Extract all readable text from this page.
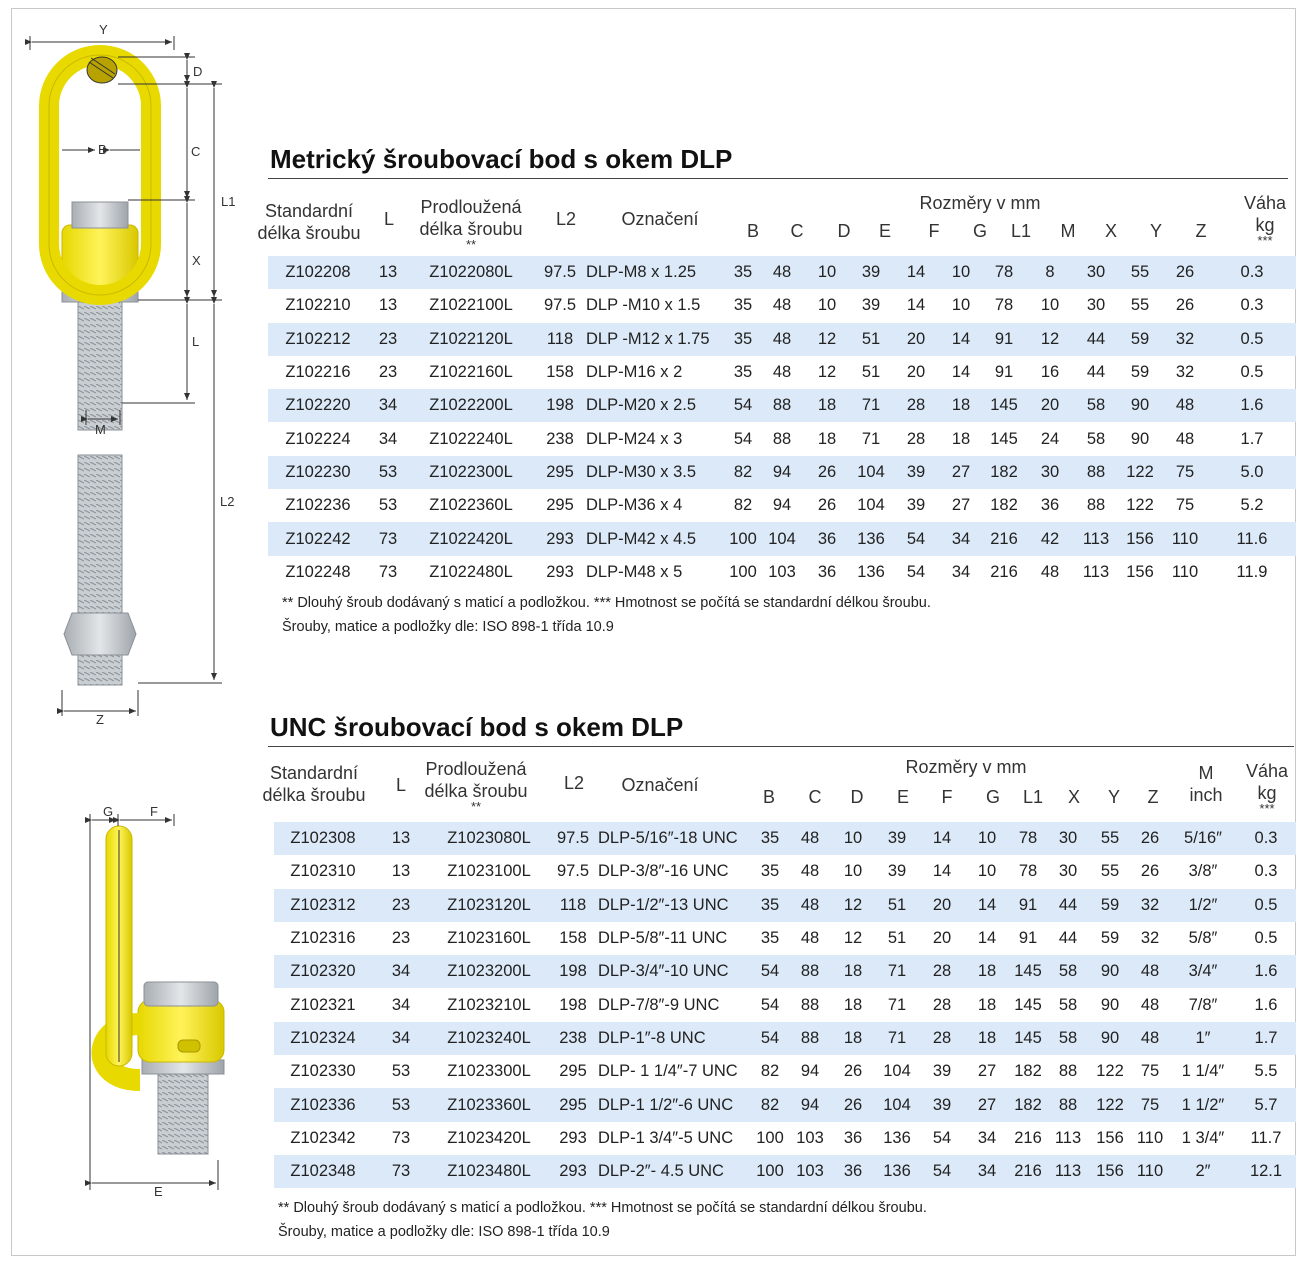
Y
D
B	C
L1
X
L
M
L2
Z
G	F
E
Metrický šroubovací bod s okem DLP
Standardní
délka šroubu
L
Prodloužená
délka šroubu
**
L2	Označení
Rozměry v mm
B	C	D	E	F	G	L1	M	X	Y	Z
Váha
kg
***
Z102208	13	Z1022080L	97.5	DLP-M8 x 1.25	35	48	10	39	14	10	78	8	30	55	26	0.3
Z102210	13	Z1022100L	97.5	DLP -M10 x 1.5	35	48	10	39	14	10	78	10	30	55	26	0.3
Z102212	23	Z1022120L	118	DLP -M12 x 1.75	35	48	12	51	20	14	91	12	44	59	32	0.5
Z102216	23	Z1022160L	158	DLP-M16 x 2	35	48	12	51	20	14	91	16	44	59	32	0.5
Z102220	34	Z1022200L	198	DLP-M20 x 2.5	54	88	18	71	28	18	145	20	58	90	48	1.6
Z102224	34	Z1022240L	238	DLP-M24 x 3	54	88	18	71	28	18	145	24	58	90	48	1.7
Z102230	53	Z1022300L	295	DLP-M30 x 3.5	82	94	26	104	39	27	182	30	88	122	75	5.0
Z102236	53	Z1022360L	295	DLP-M36 x 4	82	94	26	104	39	27	182	36	88	122	75	5.2
Z102242	73	Z1022420L	293	DLP-M42 x 4.5	100	104	36	136	54	34	216	42	113	156	110	11.6
Z102248	73	Z1022480L	293	DLP-M48 x 5	100	103	36	136	54	34	216	48	113	156	110	11.9
** Dlouhý šroub dodávaný s maticí a podložkou. *** Hmotnost se počítá se standardní délkou šroubu.
Šrouby, matice a podložky dle: ISO 898-1 třída 10.9
UNC šroubovací bod s okem DLP
Standardní
délka šroubu	L
Prodloužená
délka šroubu
**
L2	Označení
Rozměry v mm
B	C	D	E	F	G	L1	X	Y	Z
M
inch
Váha
kg
***
Z102308	13	Z1023080L	97.5	DLP-5/16″-18 UNC	35	48	10	39	14	10	78	30	55	26	5/16″	0.3
Z102310	13	Z1023100L	97.5	DLP-3/8″-16 UNC	35	48	10	39	14	10	78	30	55	26	3/8″	0.3
Z102312	23	Z1023120L	118	DLP-1/2″-13 UNC	35	48	12	51	20	14	91	44	59	32	1/2″	0.5
Z102316	23	Z1023160L	158	DLP-5/8″-11 UNC	35	48	12	51	20	14	91	44	59	32	5/8″	0.5
Z102320	34	Z1023200L	198	DLP-3/4″-10 UNC	54	88	18	71	28	18	145	58	90	48	3/4″	1.6
Z102321	34	Z1023210L	198	DLP-7/8″-9 UNC	54	88	18	71	28	18	145	58	90	48	7/8″	1.6
Z102324	34	Z1023240L	238	DLP-1″-8 UNC	54	88	18	71	28	18	145	58	90	48	1″	1.7
Z102330	53	Z1023300L	295	DLP- 1 1/4″-7 UNC	82	94	26	104	39	27	182	88	122	75	1 1/4″	5.5
Z102336	53	Z1023360L	295	DLP-1 1/2″-6 UNC	82	94	26	104	39	27	182	88	122	75	1 1/2″	5.7
Z102342	73	Z1023420L	293	DLP-1 3/4″-5 UNC	100	103	36	136	54	34	216	113	156	110	1 3/4″	11.7
Z102348	73	Z1023480L	293	DLP-2″- 4.5 UNC	100	103	36	136	54	34	216	113	156	110	2″	12.1
** Dlouhý šroub dodávaný s maticí a podložkou. *** Hmotnost se počítá se standardní délkou šroubu.
Šrouby, matice a podložky dle: ISO 898-1 třída 10.9
